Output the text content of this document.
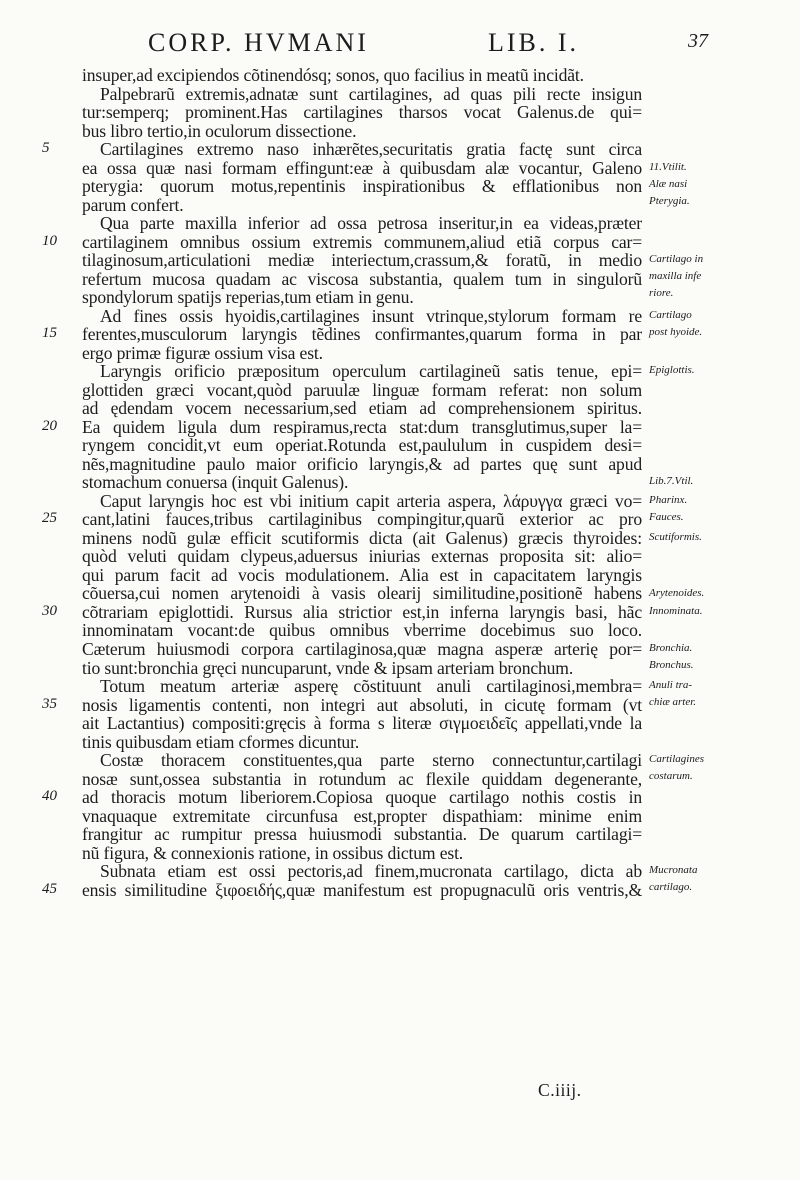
CORP. HVMANI	LIB. I.	37
5
10
15
20
25
30
35
40
45
insuper,ad excipiendos cõtinendósq; sonos, quo facilius in meatũ incidãt.
Palpebrarũ extremis,adnatæ sunt cartilagines, ad quas pili recte insigun
tur:semperq; prominent.Has cartilagines tharsos vocat Galenus.de qui=
bus libro tertio,in oculorum dissectione.
Cartilagines extremo naso inhærẽtes,securitatis gratia factę sunt circa
ea ossa quæ nasi formam effingunt:eæ à quibusdam alæ vocantur, Galeno
pterygia: quorum motus,repentinis inspirationibus & efflationibus non
parum confert.
Qua parte maxilla inferior ad ossa petrosa inseritur,in ea videas,præter
cartilaginem omnibus ossium extremis communem,aliud etiã corpus car=
tilaginosum,articulationi mediæ interiectum,crassum,& foratũ, in medio
refertum mucosa quadam ac viscosa substantia, qualem tum in singulorũ
spondylorum spatijs reperias,tum etiam in genu.
Ad fines ossis hyoidis,cartilagines insunt vtrinque,stylorum formam re
ferentes,musculorum laryngis tẽdines confirmantes,quarum forma in par
ergo primæ figuræ ossium visa est.
Laryngis orificio præpositum operculum cartilagineũ satis tenue, epi=
glottiden græci vocant,quòd paruulæ linguæ formam referat: non solum
ad ędendam vocem necessarium,sed etiam ad comprehensionem spiritus.
Ea quidem ligula dum respiramus,recta stat:dum transglutimus,super la=
ryngem concidit,vt eum operiat.Rotunda est,paululum in cuspidem desi=
nẽs,magnitudine paulo maior orificio laryngis,& ad partes quę sunt apud
stomachum conuersa (inquit Galenus).
Caput laryngis hoc est vbi initium capit arteria aspera, λάρυγγα græci vo=
cant,latini fauces,tribus cartilaginibus compingitur,quarũ exterior ac pro
minens nodũ gulæ efficit scutiformis dicta (ait Galenus) græcis thyroides:
quòd veluti quidam clypeus,aduersus iniurias externas proposita sit: alio=
qui parum facit ad vocis modulationem. Alia est in capacitatem laryngis
cõuersa,cui nomen arytenoidi à vasis olearij similitudine,positionẽ habens
cõtrariam epiglottidi. Rursus alia strictior est,in inferna laryngis basi, hãc
innominatam vocant:de quibus omnibus vberrime docebimus suo loco.
Cæterum huiusmodi corpora cartilaginosa,quæ magna asperæ arterię por=
tio sunt:bronchia gręci nuncuparunt, vnde & ipsam arteriam bronchum.
Totum meatum arteriæ asperę cõstituunt anuli cartilaginosi,membra=
nosis ligamentis contenti, non integri aut absoluti, in cicutę formam (vt
ait Lactantius) compositi:gręcis à forma s literæ σιγμοειδεῖς appellati,vnde la
tinis quibusdam etiam cformes dicuntur.
Costæ thoracem constituentes,qua parte sterno connectuntur,cartilagi
nosæ sunt,ossea substantia in rotundum ac flexile quiddam degenerante,
ad thoracis motum liberiorem.Copiosa quoque cartilago nothis costis in
vnaquaque extremitate circunfusa est,propter dispathiam: minime enim
frangitur ac rumpitur pressa huiusmodi substantia. De quarum cartilagi=
nũ figura, & connexionis ratione, in ossibus dictum est.
Subnata etiam est ossi pectoris,ad finem,mucronata cartilago, dicta ab
ensis similitudine ξιφοειδής,quæ manifestum est propugnaculũ oris ventris,&
11.Vtilit.
Alæ nasi
Pterygia.
Cartilago in
maxilla infe
riore.
Cartilago
post hyoide.
Epiglottis.
Lib.7.Vtil.
Pharinx.
Fauces.
Scutiformis.
Arytenoides.
Innominata.
Bronchia.
Bronchus.
Anuli tra-
chiæ arter.
Cartilagines
costarum.
Mucronata
cartilago.
C.iiij.
